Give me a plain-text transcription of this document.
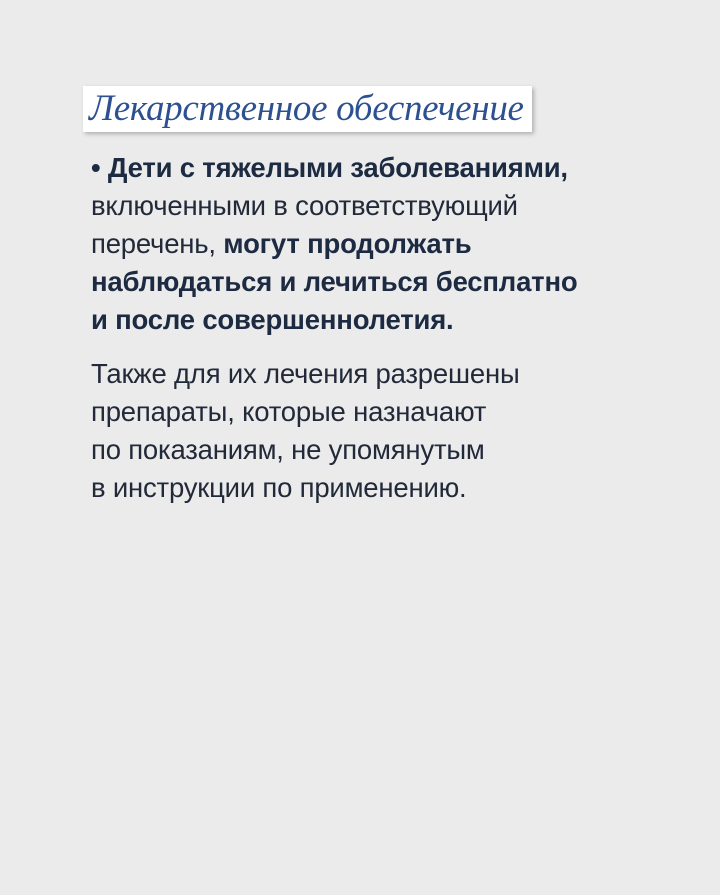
Лекарственное обеспечение
• Дети с тяжелыми заболеваниями,
включенными в соответствующий
перечень, могут продолжать
наблюдаться и лечиться бесплатно
и после совершеннолетия.
Также для их лечения разрешены
препараты, которые назначают
по показаниям, не упомянутым
в инструкции по применению.
